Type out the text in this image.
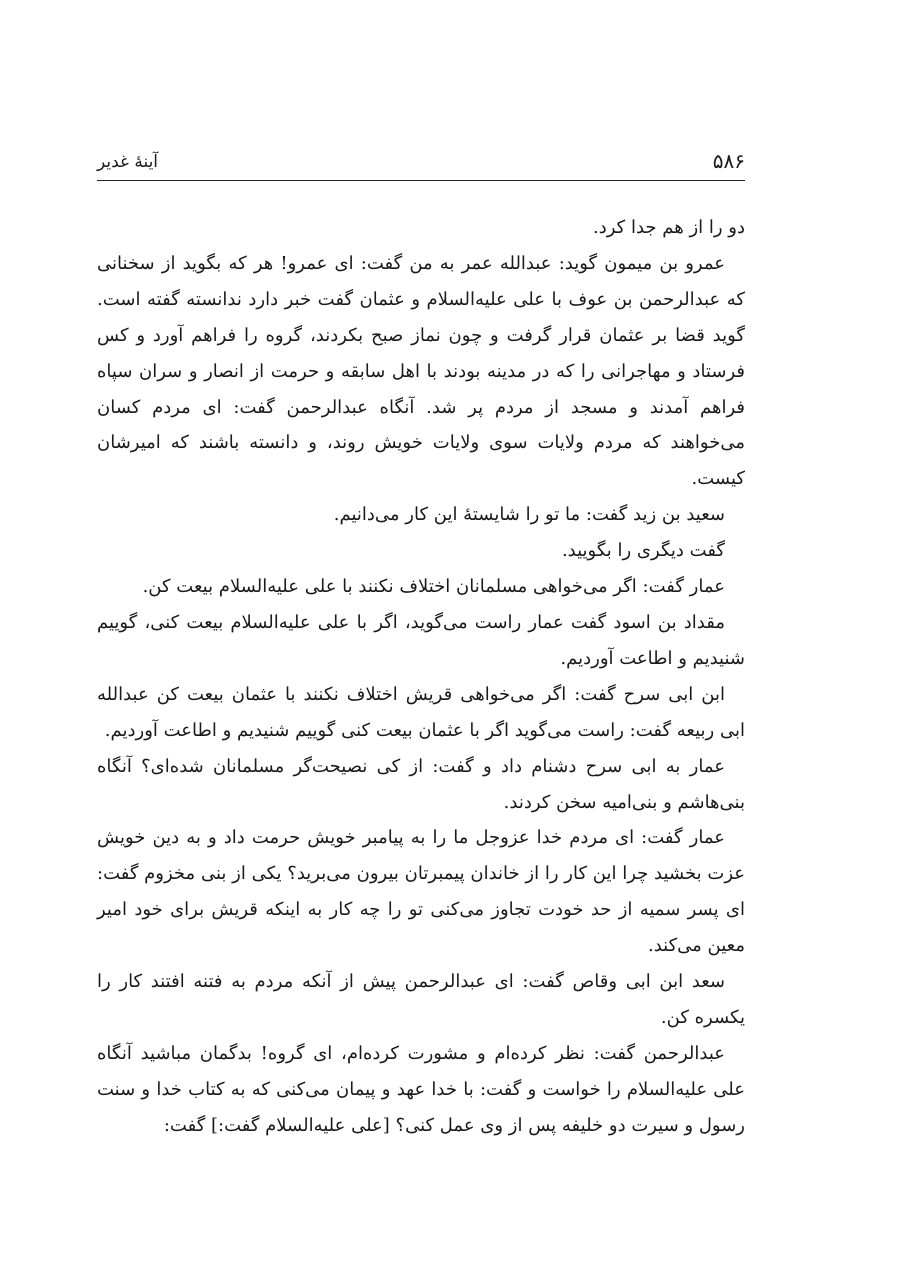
۵۸۶
آینهٔ غدیر

دو را از هم جدا کرد.

عمرو بن میمون گوید: عبدالله عمر به من گفت: ای عمرو! هر که بگوید از سخنانی که عبدالرحمن بن عوف با علی علیه‌السلام و عثمان گفت خبر دارد ندانسته گفته است. گوید قضا بر عثمان قرار گرفت و چون نماز صبح بکردند، گروه را فراهم آورد و کس فرستاد و مهاجرانی را که در مدینه بودند با اهل سابقه و حرمت از انصار و سران سپاه فراهم آمدند و مسجد از مردم پر شد. آنگاه عبدالرحمن گفت: ای مردم کسان می‌خواهند که مردم ولایات سوی ولایات خویش روند، و دانسته باشند که امیرشان کیست.

سعید بن زید گفت: ما تو را شایستهٔ این کار می‌دانیم.

گفت دیگری را بگویید.

عمار گفت: اگر می‌خواهی مسلمانان اختلاف نکنند با علی علیه‌السلام بیعت کن.

مقداد بن اسود گفت عمار راست می‌گوید، اگر با علی علیه‌السلام بیعت کنی، گوییم شنیدیم و اطاعت آوردیم.

ابن ابی سرح گفت: اگر می‌خواهی قریش اختلاف نکنند با عثمان بیعت کن عبدالله ابی ربیعه گفت: راست می‌گوید اگر با عثمان بیعت کنی گوییم شنیدیم و اطاعت آوردیم.

عمار به ابی سرح دشنام داد و گفت: از کی نصیحت‌گر مسلمانان شده‌ای؟ آنگاه بنی‌هاشم و بنی‌امیه سخن کردند.

عمار گفت: ای مردم خدا عزوجل ما را به پیامبر خویش حرمت داد و به دین خویش عزت بخشید چرا این کار را از خاندان پیمبرتان بیرون می‌برید؟ یکی از بنی مخزوم گفت: ای پسر سمیه از حد خودت تجاوز می‌کنی تو را چه کار به اینکه قریش برای خود امیر معین می‌کند.

سعد ابن ابی وقاص گفت: ای عبدالرحمن پیش از آنکه مردم به فتنه افتند کار را یکسره کن.

عبدالرحمن گفت: نظر کرده‌ام و مشورت کرده‌ام، ای گروه! بدگمان مباشید آنگاه علی علیه‌السلام را خواست و گفت: با خدا عهد و پیمان می‌کنی که به کتاب خدا و سنت رسول و سیرت دو خلیفه پس از وی عمل کنی؟ [علی علیه‌السلام گفت:] گفت:
